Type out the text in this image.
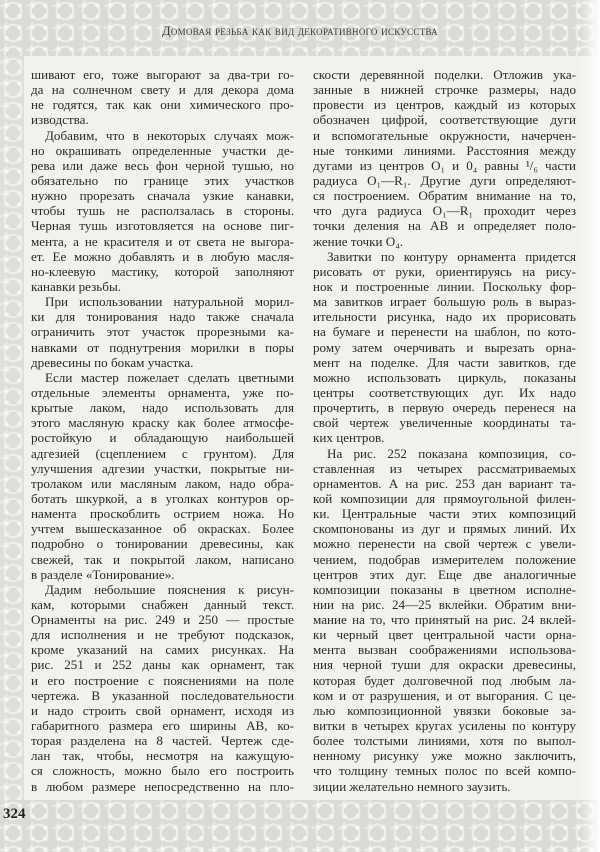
Домовая резьба как вид декоративного искусства
шивают его, тоже выгорают за два-три го-
да на солнечном свету и для декора дома
не годятся, так как они химического про-
изводства.
Добавим, что в некоторых случаях мож-
но окрашивать определенные участки де-
рева или даже весь фон черной тушью, но
обязательно по границе этих участков
нужно прорезать сначала узкие канавки,
чтобы тушь не расползалась в стороны.
Черная тушь изготовляется на основе пиг-
мента, а не красителя и от света не выгора-
ет. Ее можно добавлять и в любую масля-
но-клеевую мастику, которой заполняют
канавки резьбы.
При использовании натуральной морил-
ки для тонирования надо также сначала
ограничить этот участок прорезными ка-
навками от поднутрения морилки в поры
древесины по бокам участка.
Если мастер пожелает сделать цветными
отдельные элементы орнамента, уже по-
крытые лаком, надо использовать для
этого масляную краску как более атмосфе-
ростойкую и обладающую наибольшей
адгезией (сцеплением с грунтом). Для
улучшения адгезии участки, покрытые ни-
тролаком или масляным лаком, надо обра-
ботать шкуркой, а в уголках контуров ор-
намента проскоблить острием ножа. Но
учтем вышесказанное об окрасках. Более
подробно о тонировании древесины, как
свежей, так и покрытой лаком, написано
в разделе «Тонирование».
Дадим небольшие пояснения к рисун-
кам, которыми снабжен данный текст.
Орнаменты на рис. 249 и 250 — простые
для исполнения и не требуют подсказок,
кроме указаний на самих рисунках. На
рис. 251 и 252 даны как орнамент, так
и его построение с пояснениями на поле
чертежа. В указанной последовательности
и надо строить свой орнамент, исходя из
габаритного размера его ширины AB, ко-
торая разделена на 8 частей. Чертеж сде-
лан так, чтобы, несмотря на кажущую-
ся сложность, можно было его построить
в любом размере непосредственно на пло-
скости деревянной поделки. Отложив ука-
занные в нижней строчке размеры, надо
провести из центров, каждый из которых
обозначен цифрой, соответствующие дуги
и вспомогательные окружности, начерчен-
ные тонкими линиями. Расстояния между
дугами из центров O₁ и 0₄ равны ¹/₆ части
радиуса O₁—R₁. Другие дуги определяют-
ся построением. Обратим внимание на то,
что дуга радиуса O₁—R₁ проходит через
точки деления на AB и определяет поло-
жение точки O₄.
Завитки по контуру орнамента придется
рисовать от руки, ориентируясь на рису-
нок и построенные линии. Поскольку фор-
ма завитков играет большую роль в выраз-
ительности рисунка, надо их прорисовать
на бумаге и перенести на шаблон, по кото-
рому затем очерчивать и вырезать орна-
мент на поделке. Для части завитков, где
можно использовать циркуль, показаны
центры соответствующих дуг. Их надо
прочертить, в первую очередь перенеся на
свой чертеж увеличенные координаты та-
ких центров.
На рис. 252 показана композиция, со-
ставленная из четырех рассматриваемых
орнаментов. А на рис. 253 дан вариант та-
кой композиции для прямоугольной филен-
ки. Центральные части этих композиций
скомпонованы из дуг и прямых линий. Их
можно перенести на свой чертеж с увели-
чением, подобрав измерителем положение
центров этих дуг. Еще две аналогичные
композиции показаны в цветном исполне-
нии на рис. 24—25 вклейки. Обратим вни-
мание на то, что принятый на рис. 24 вклей-
ки черный цвет центральной части орна-
мента вызван соображениями использова-
ния черной туши для окраски древесины,
которая будет долговечной под любым ла-
ком и от разрушения, и от выгорания. С це-
лью композиционной увязки боковые за-
витки в четырех кругах усилены по контуру
более толстыми линиями, хотя по выпол-
ненному рисунку уже можно заключить,
что толщину темных полос по всей компо-
зиции желательно немного заузить.
324
